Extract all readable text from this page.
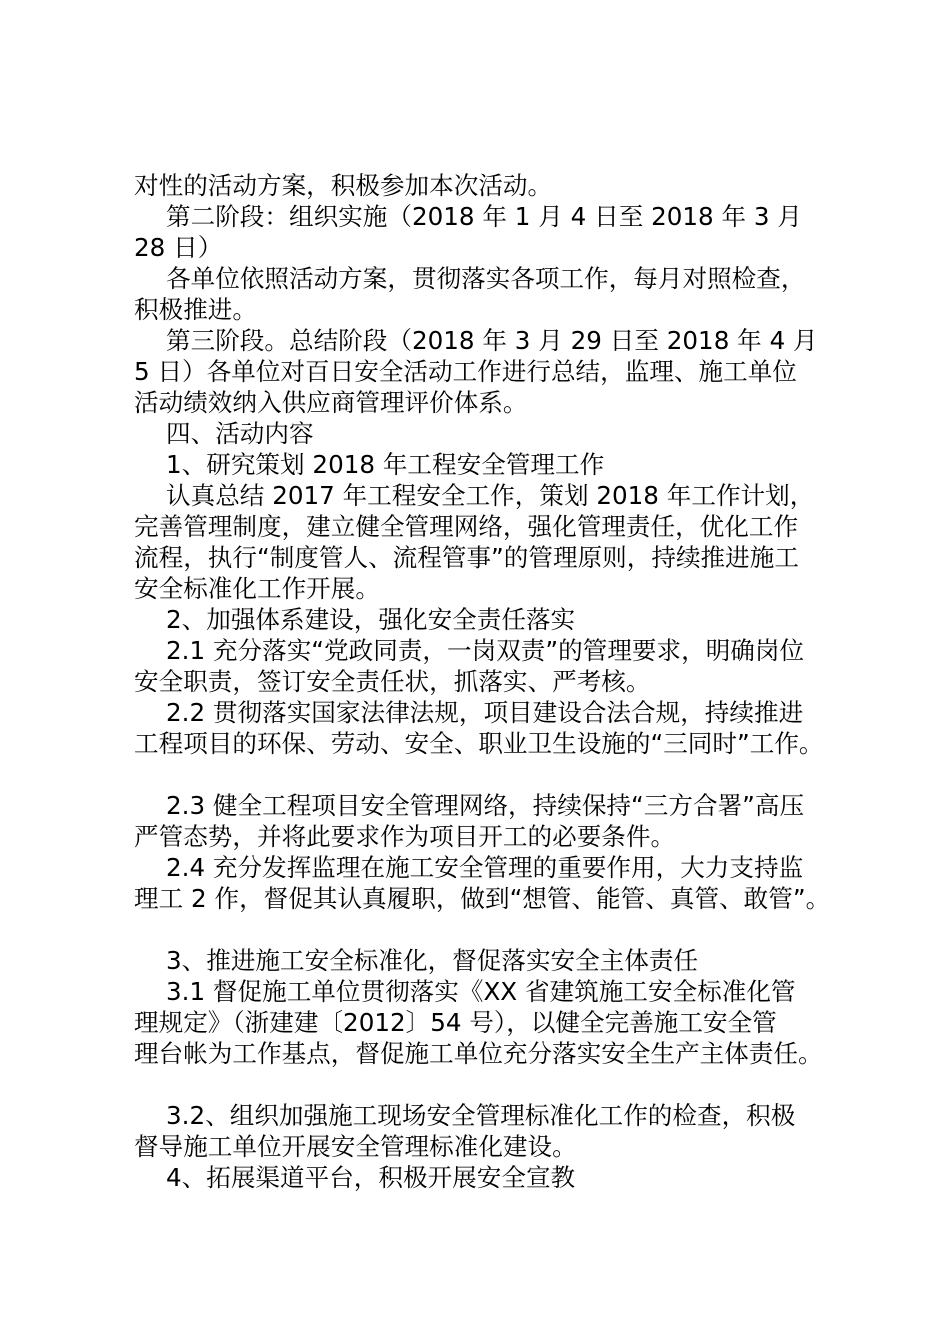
对性的活动方案，积极参加本次活动。
第二阶段：组织实施（2018 年 1 月 4 日至 2018 年 3 月
28 日）
各单位依照活动方案，贯彻落实各项工作，每月对照检查，
积极推进。
第三阶段。总结阶段（2018 年 3 月 29 日至 2018 年 4 月
5 日）各单位对百日安全活动工作进行总结，监理、施工单位
活动绩效纳入供应商管理评价体系。
四、活动内容
1、研究策划 2018 年工程安全管理工作
认真总结 2017 年工程安全工作，策划 2018 年工作计划，
完善管理制度，建立健全管理网络，强化管理责任，优化工作
流程，执行“制度管人、流程管事”的管理原则，持续推进施工
安全标准化工作开展。
2、加强体系建设，强化安全责任落实
2.1 充分落实“党政同责，一岗双责”的管理要求，明确岗位
安全职责，签订安全责任状，抓落实、严考核。
2.2 贯彻落实国家法律法规，项目建设合法合规，持续推进
工程项目的环保、劳动、安全、职业卫生设施的“三同时”工作。
2.3 健全工程项目安全管理网络，持续保持“三方合署”高压
严管态势，并将此要求作为项目开工的必要条件。
2.4 充分发挥监理在施工安全管理的重要作用，大力支持监
理工 2 作，督促其认真履职，做到“想管、能管、真管、敢管”。
3、推进施工安全标准化，督促落实安全主体责任
3.1 督促施工单位贯彻落实《XX 省建筑施工安全标准化管
理规定》（浙建建〔2012〕54 号），以健全完善施工安全管
理台帐为工作基点，督促施工单位充分落实安全生产主体责任。
3.2、组织加强施工现场安全管理标准化工作的检查，积极
督导施工单位开展安全管理标准化建设。
4、拓展渠道平台，积极开展安全宣教
